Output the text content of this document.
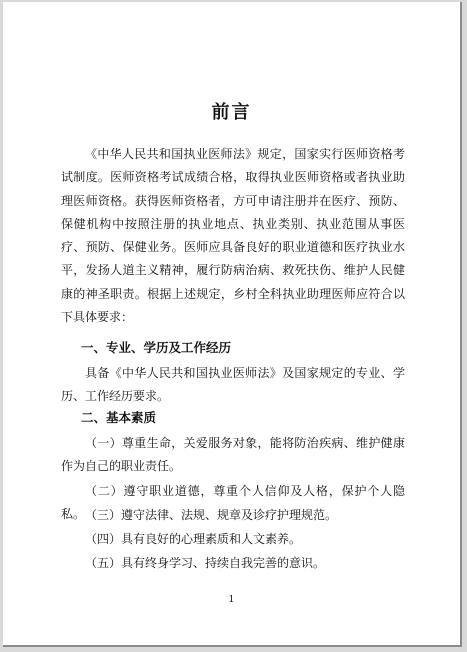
前言

《中华人民共和国执业医师法》规定，国家实行医师资格考试制度。医师资格考试成绩合格，取得执业医师资格或者执业助理医师资格。获得医师资格者，方可申请注册并在医疗、预防、保健机构中按照注册的执业地点、执业类别、执业范围从事医疗、预防、保健业务。医师应具备良好的职业道德和医疗执业水平，发扬人道主义精神，履行防病治病、救死扶伤、维护人民健康的神圣职责。根据上述规定，乡村全科执业助理医师应符合以下具体要求：

一、专业、学历及工作经历

具备《中华人民共和国执业医师法》及国家规定的专业、学历、工作经历要求。

二、基本素质

（一）尊重生命，关爱服务对象，能将防治疾病、维护健康作为自己的职业责任。

（二）遵守职业道德，尊重个人信仰及人格，保护个人隐私。 （三）遵守法律、法规、规章及诊疗护理规范。

（四）具有良好的心理素质和人文素养。

（五）具有终身学习、持续自我完善的意识。

1
